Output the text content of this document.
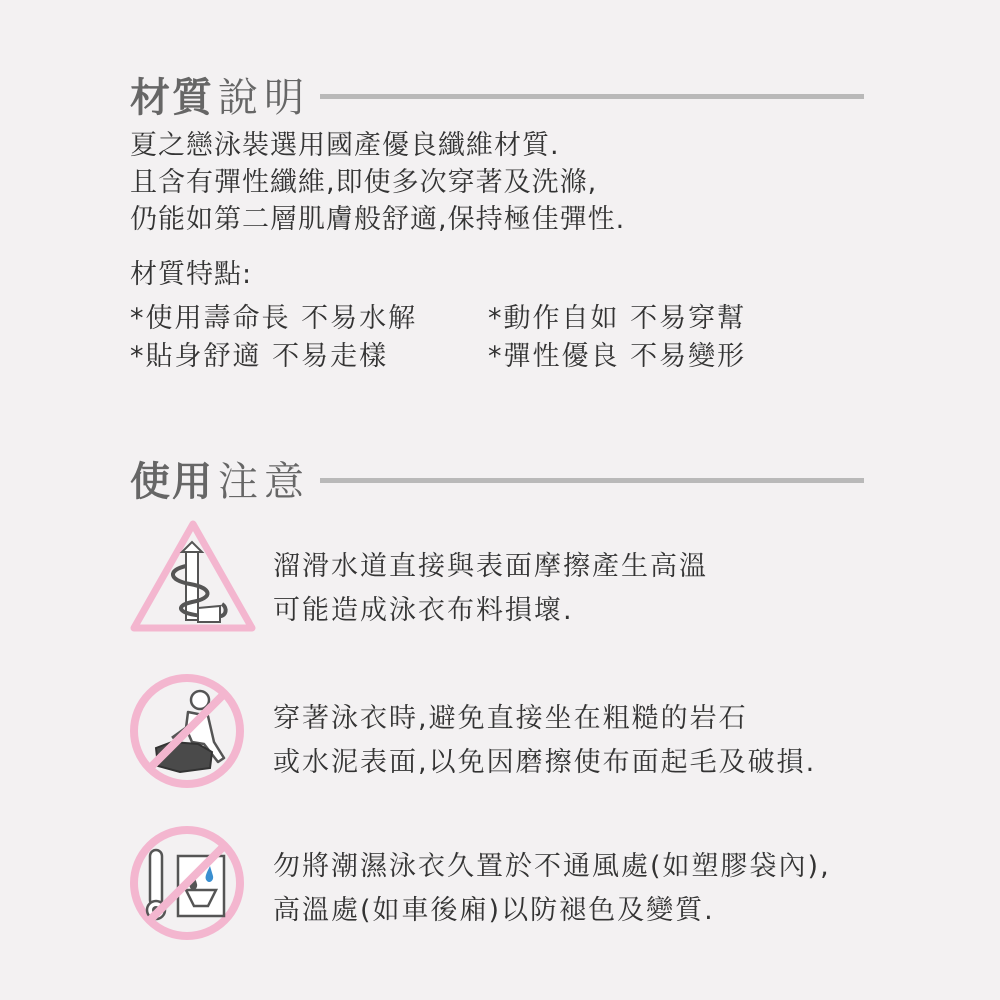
材質 說明
夏之戀泳裝選用國產優良纖維材質.
且含有彈性纖維,即使多次穿著及洗滌,
仍能如第二層肌膚般舒適,保持極佳彈性.
材質特點:
*使用壽命長 不易水解	*動作自如 不易穿幫
*貼身舒適 不易走樣	*彈性優良 不易變形
使用 注意
溜滑水道直接與表面摩擦產生高溫
可能造成泳衣布料損壞.
穿著泳衣時,避免直接坐在粗糙的岩石
或水泥表面,以免因磨擦使布面起毛及破損.
勿將潮濕泳衣久置於不通風處(如塑膠袋內),
高溫處(如車後廂)以防褪色及變質.
